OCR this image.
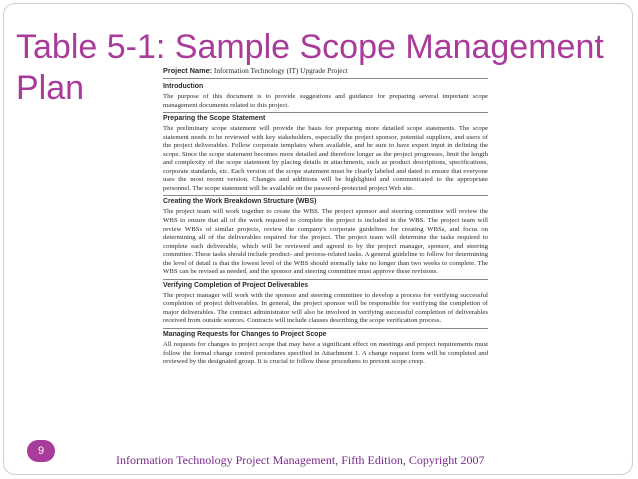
Table 5-1: Sample Scope Management Plan	Project Name: Information Technology (IT) Upgrade Project
Introduction
The purpose of this document is to provide suggestions and guidance for preparing several important scope management documents related to this project.
Preparing the Scope Statement
The preliminary scope statement will provide the basis for preparing more detailed scope statements. The scope statement needs to be reviewed with key stakeholders, especially the project sponsor, potential suppliers, and users of the project deliverables. Follow corporate templates when available, and be sure to have expert input in defining the scope. Since the scope statement becomes more detailed and therefore longer as the project progresses, limit the length and complexity of the scope statement by placing details in attachments, such as product descriptions, specifications, corporate standards, etc. Each version of the scope statement must be clearly labeled and dated to ensure that everyone uses the most recent version. Changes and additions will be highlighted and communicated to the appropriate personnel. The scope statement will be available on the password-protected project Web site.
Creating the Work Breakdown Structure (WBS)
The project team will work together to create the WBS. The project sponsor and steering committee will review the WBS to ensure that all of the work required to complete the project is included in the WBS. The project team will review WBSs of similar projects, review the company's corporate guidelines for creating WBSs, and focus on determining all of the deliverables required for the project. The project team will determine the tasks required to complete each deliverable, which will be reviewed and agreed to by the project manager, sponsor, and steering committee. These tasks should include product- and process-related tasks. A general guideline to follow for determining the level of detail is that the lowest level of the WBS should normally take no longer than two weeks to complete. The WBS can be revised as needed, and the sponsor and steering committee must approve these revisions.
Verifying Completion of Project Deliverables
The project manager will work with the sponsor and steering committee to develop a process for verifying successful completion of project deliverables. In general, the project sponsor will be responsible for verifying the completion of major deliverables. The contract administrator will also be involved in verifying successful completion of deliverables received from outside sources. Contracts will include clauses describing the scope verification process.
Managing Requests for Changes to Project Scope
All requests for changes to project scope that may have a significant effect on meetings and project requirements must follow the formal change control procedures specified in Attachment 1. A change request form will be completed and reviewed by the designated group. It is crucial to follow these procedures to prevent scope creep.
9
Information Technology Project Management, Fifth Edition, Copyright 2007
